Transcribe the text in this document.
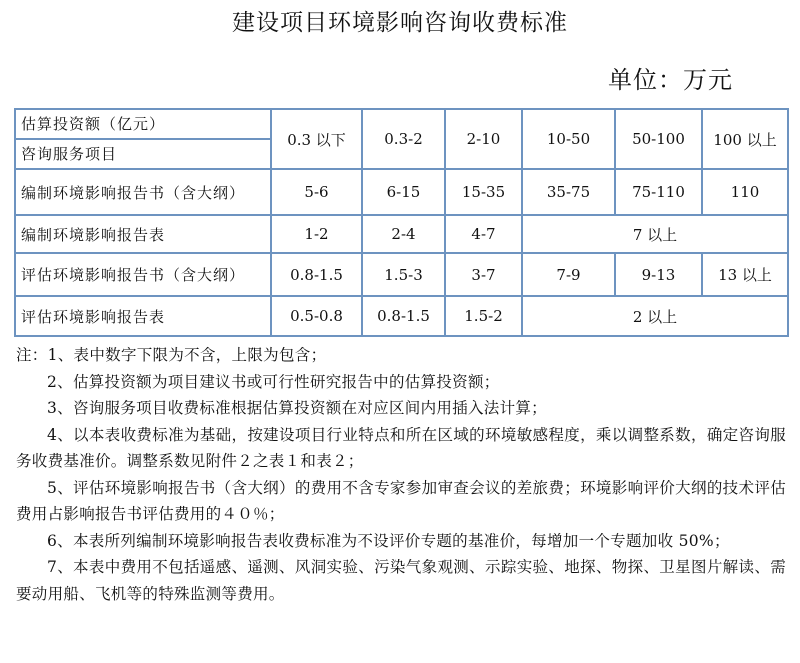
建设项目环境影响咨询收费标准
单位：万元
估算投资额（亿元）
咨询服务项目	0.3 以下	0.3-2	2-10	10-50	50-100	100 以上
编制环境影响报告书（含大纲）	5-6	6-15	15-35	35-75	75-110	110
编制环境影响报告表	1-2	2-4	4-7	7 以上		
评估环境影响报告书（含大纲）	0.8-1.5	1.5-3	3-7	7-9	9-13	13 以上
评估环境影响报告表	0.5-0.8	0.8-1.5	1.5-2	2 以上		

注：1、表中数字下限为不含，上限为包含；

2、估算投资额为项目建议书或可行性研究报告中的估算投资额；

3、咨询服务项目收费标准根据估算投资额在对应区间内用插入法计算；

4、以本表收费标准为基础，按建设项目行业特点和所在区域的环境敏感程度，乘以调整系数，确定咨询服务收费基准价。调整系数见附件２之表１和表２；

5、评估环境影响报告书（含大纲）的费用不含专家参加审查会议的差旅费；环境影响评价大纲的技术评估费用占影响报告书评估费用的４０％；

6、本表所列编制环境影响报告表收费标准为不设评价专题的基准价，每增加一个专题加收 50%；

7、本表中费用不包括遥感、遥测、风洞实验、污染气象观测、示踪实验、地探、物探、卫星图片解读、需要动用船、飞机等的特殊监测等费用。
